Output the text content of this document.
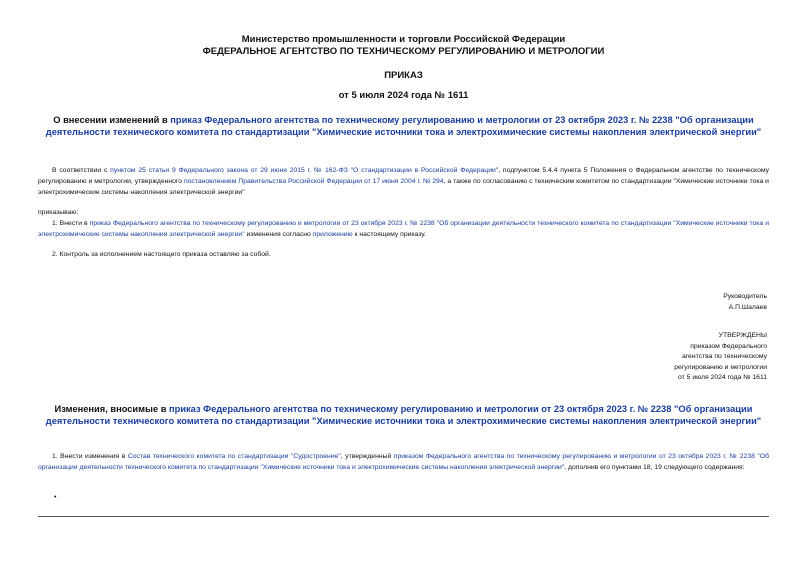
Министерство промышленности и торговли Российской Федерации
ФЕДЕРАЛЬНОЕ АГЕНТСТВО ПО ТЕХНИЧЕСКОМУ РЕГУЛИРОВАНИЮ И МЕТРОЛОГИИ
ПРИКАЗ
от 5 июля 2024 года № 1611
О внесении изменений в приказ Федерального агентства по техническому регулированию и метрологии от 23 октября 2023 г. № 2238 "Об организации деятельности технического комитета по стандартизации "Химические источники тока и электрохимические системы накопления электрической энергии"
В соответствии с пунктом 25 статьи 9 Федерального закона от 29 июня 2015 г. № 162-ФЗ "О стандартизации в Российской Федерации", подпунктом 5.4.4 пункта 5 Положения о Федеральном агентстве по техническому регулированию и метрологии, утвержденного постановлением Правительства Российской Федерации от 17 июня 2004 г. № 294, а также по согласованию с техническим комитетом по стандартизации "Химические источники тока и электрохимические системы накопления электрической энергии"
приказываю:
1. Внести в приказ Федерального агентства по техническому регулированию и метрологии от 23 октября 2023 г. № 2238 "Об организации деятельности технического комитета по стандартизации "Химические источники тока и электрохимические системы накопления электрической энергии" изменения согласно приложению к настоящему приказу.
2. Контроль за исполнением настоящего приказа оставляю за собой.
Руководитель
А.П.Шалаев
УТВЕРЖДЕНЫ
приказом Федерального
агентства по техническому
регулированию и метрологии
от 5 июля 2024 года № 1611
Изменения, вносимые в приказ Федерального агентства по техническому регулированию и метрологии от 23 октября 2023 г. № 2238 "Об организации деятельности технического комитета по стандартизации "Химические источники тока и электрохимические системы накопления электрической энергии"
1. Внести изменения в Состав технического комитета по стандартизации "Судостроение", утвержденный приказом Федерального агентства по техническому регулированию и метрологии от 23 октября 2023 г. № 2238 "Об организации деятельности технического комитета по стандартизации "Химические источники тока и электрохимические системы накопления электрической энергии", дополнив его пунктами 18, 19 следующего содержания:
•
